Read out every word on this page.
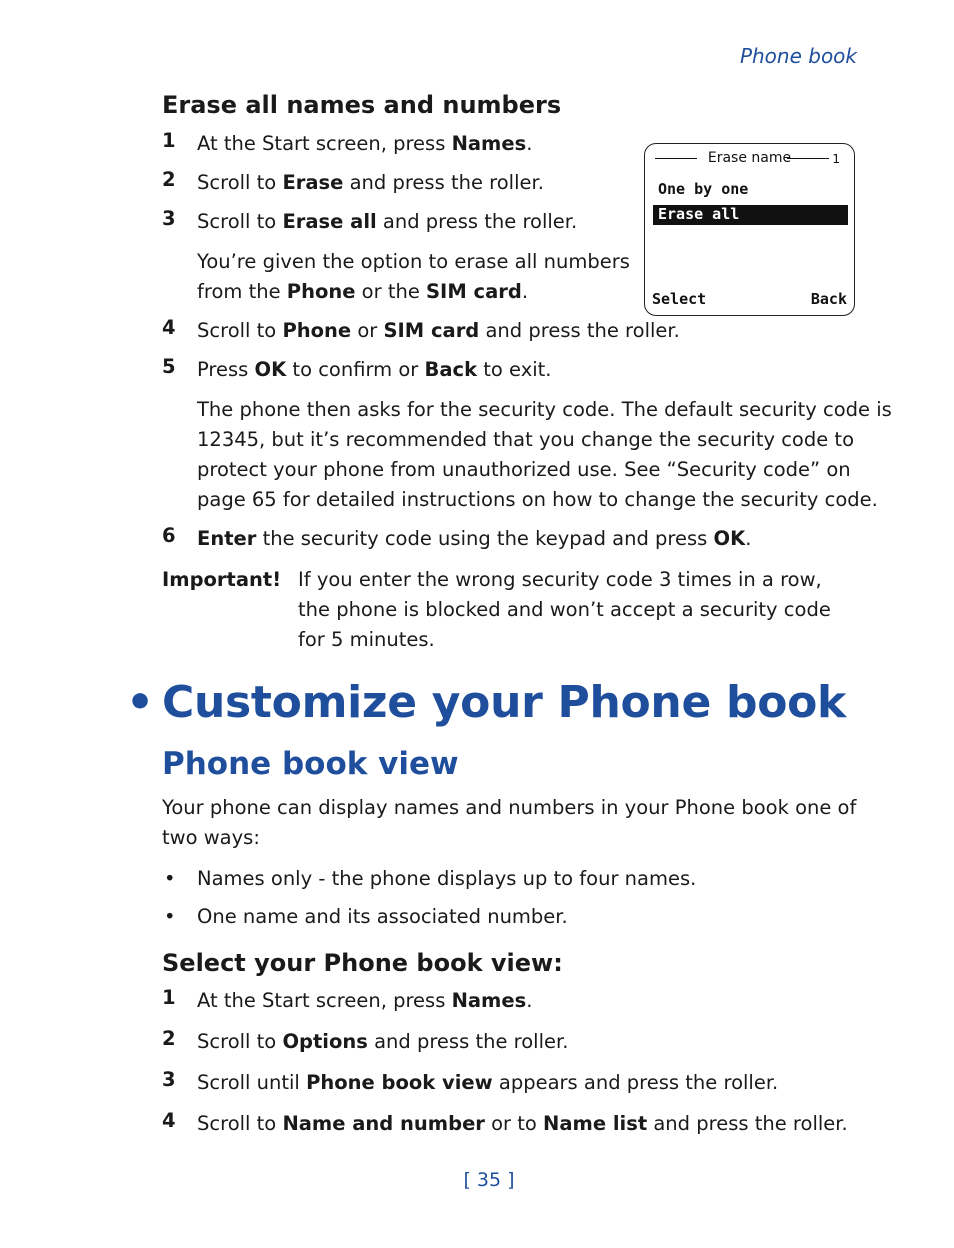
Phone book
Erase all names and numbers
1 At the Start screen, press Names.
2 Scroll to Erase and press the roller.
3 Scroll to Erase all and press the roller.
You’re given the option to erase all numbers
from the Phone or the SIM card.
4 Scroll to Phone or SIM card and press the roller.
5 Press OK to confirm or Back to exit.
The phone then asks for the security code. The default security code is
12345, but it’s recommended that you change the security code to
protect your phone from unauthorized use. See “Security code” on
page 65 for detailed instructions on how to change the security code.
6 Enter the security code using the keypad and press OK.
Important! If you enter the wrong security code 3 times in a row,
the phone is blocked and won’t accept a security code
for 5 minutes.
Erase name	1
One by one
Erase all
Select	Back
• Customize your Phone book
Phone book view
Your phone can display names and numbers in your Phone book one of
two ways:
• Names only - the phone displays up to four names.
• One name and its associated number.
Select your Phone book view:
1 At the Start screen, press Names.
2 Scroll to Options and press the roller.
3 Scroll until Phone book view appears and press the roller.
4 Scroll to Name and number or to Name list and press the roller.
[ 35 ]
